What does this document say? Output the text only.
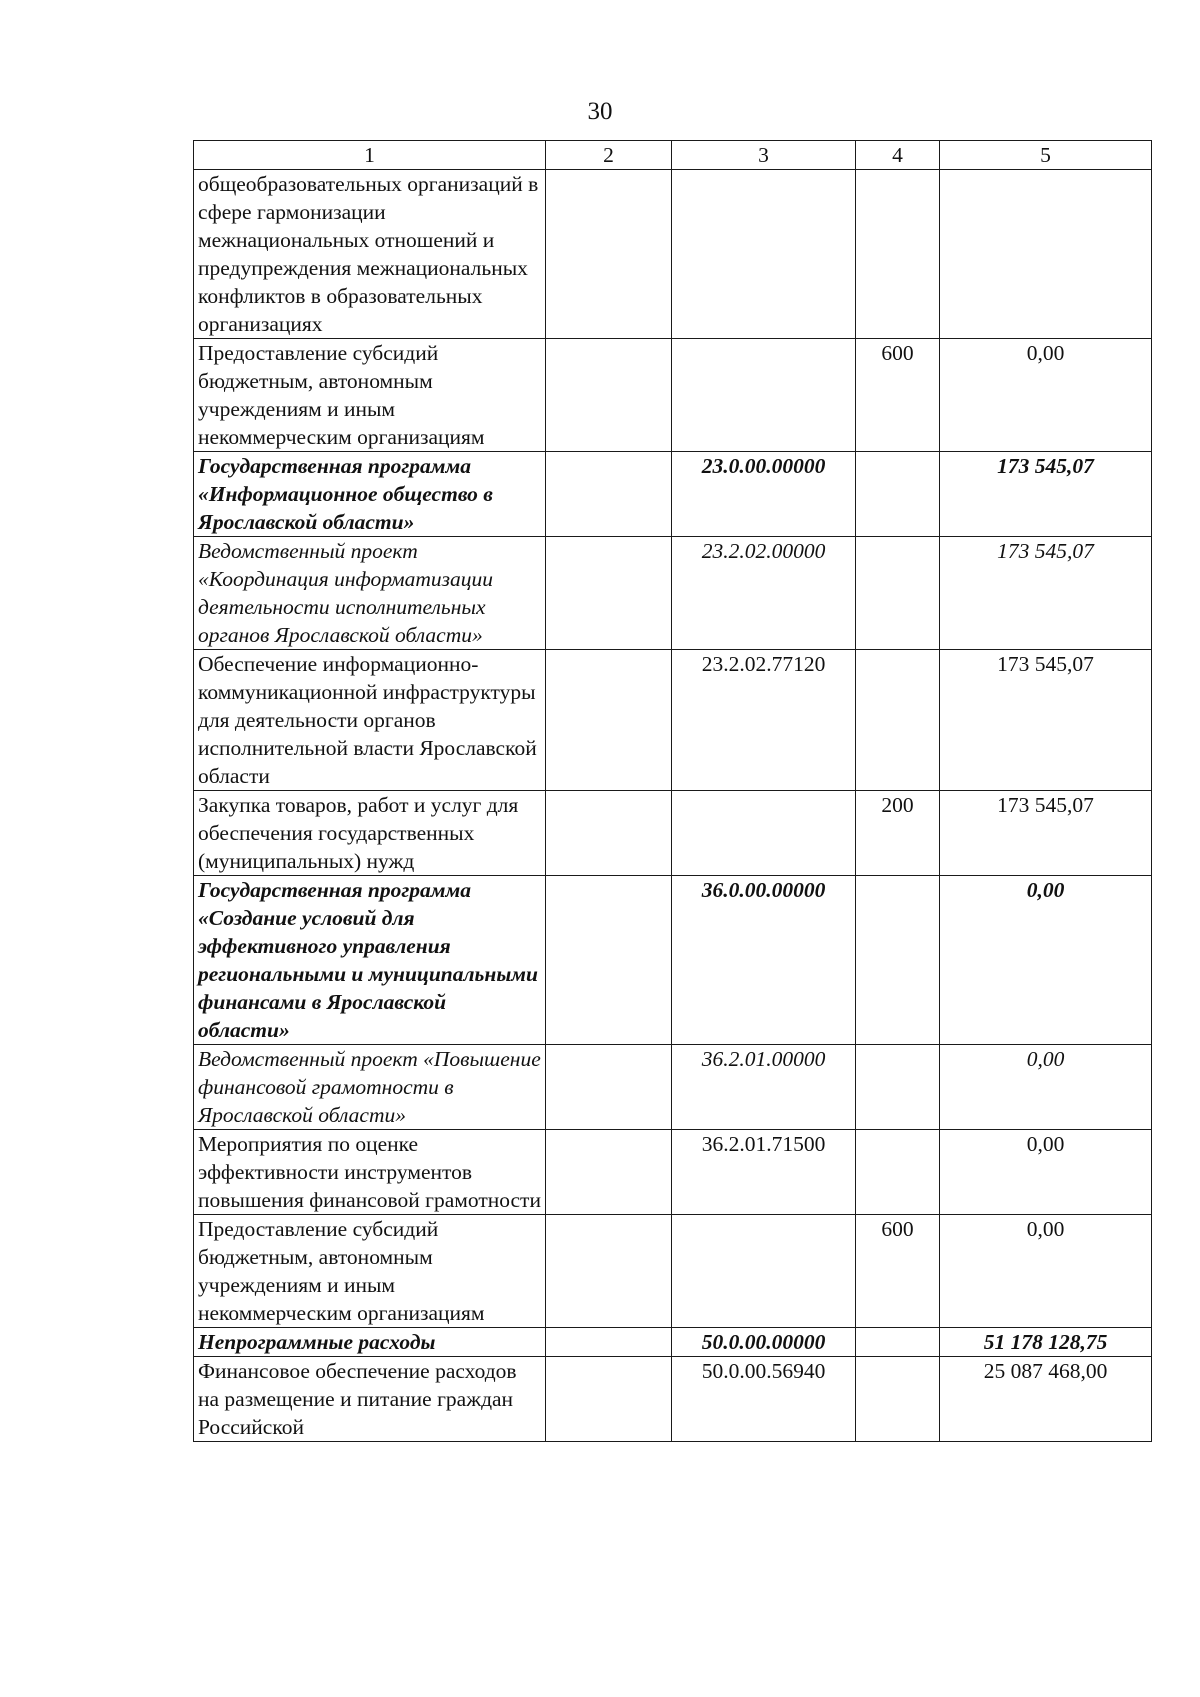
30
1	2	3	4	5
общеобразовательных организаций в сфере гармонизации межнациональных отношений и предупреждения межнациональных конфликтов в образовательных организациях				
Предоставление субсидий бюджетным, автономным учреждениям и иным некоммерческим организациям			600	0,00
Государственная программа «Информационное общество в Ярославской области»		23.0.00.00000		173 545,07
Ведомственный проект «Координация информатизации деятельности исполнительных органов Ярославской области»		23.2.02.00000		173 545,07
Обеспечение информационно-коммуникационной инфраструктуры для деятельности органов исполнительной власти Ярославской области		23.2.02.77120		173 545,07
Закупка товаров, работ и услуг для обеспечения государственных (муниципальных) нужд			200	173 545,07
Государственная программа «Создание условий для эффективного управления региональными и муниципальными финансами в Ярославской области»		36.0.00.00000		0,00
Ведомственный проект «Повышение финансовой грамотности в Ярославской области»		36.2.01.00000		0,00
Мероприятия по оценке эффективности инструментов повышения финансовой грамотности		36.2.01.71500		0,00
Предоставление субсидий бюджетным, автономным учреждениям и иным некоммерческим организациям			600	0,00
Непрограммные расходы		50.0.00.00000		51 178 128,75
Финансовое обеспечение расходов на размещение и питание граждан Российской		50.0.00.56940		25 087 468,00
